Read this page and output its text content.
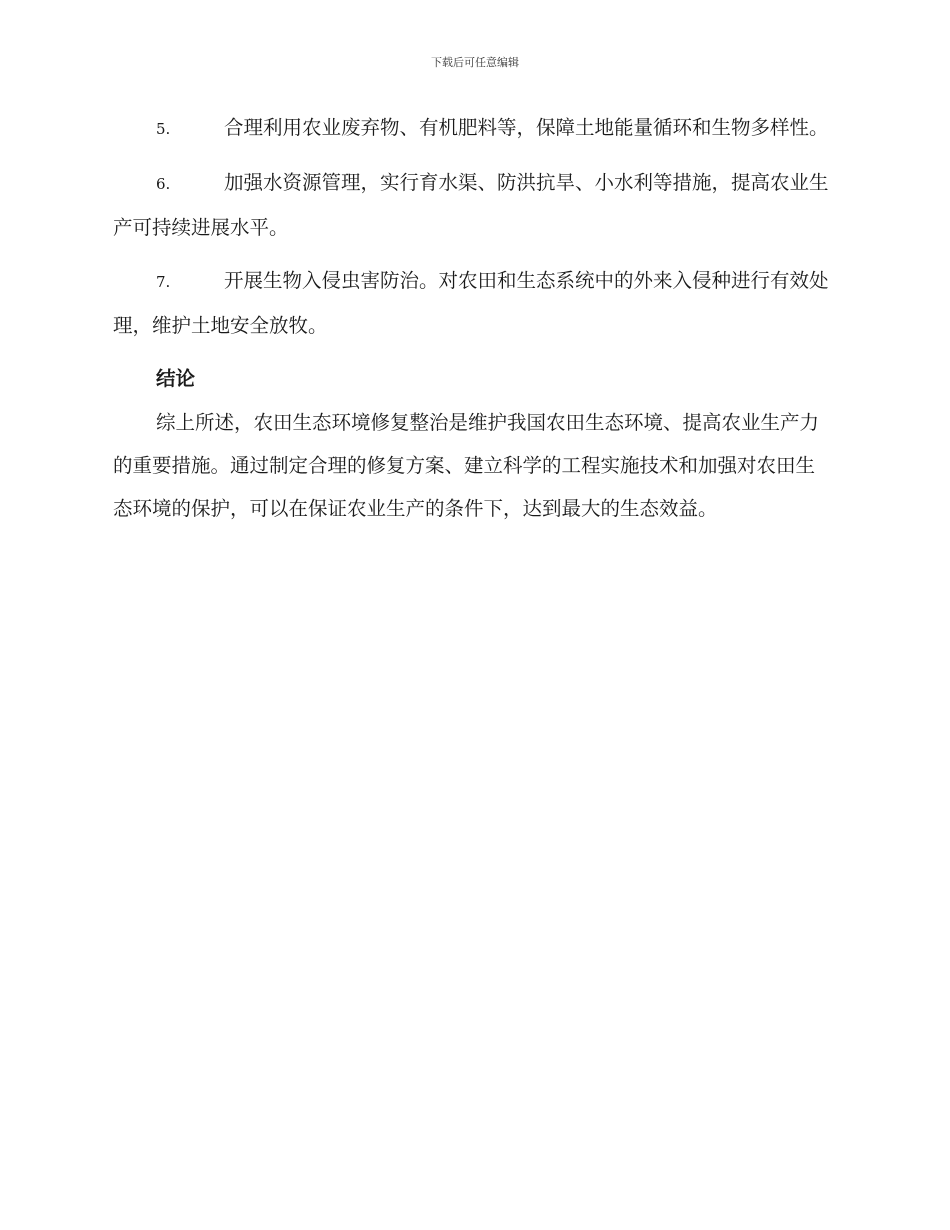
下载后可任意编辑

5.	合理利用农业废弃物、有机肥料等，保障土地能量循环和生物多样性。

6.	加强水资源管理，实行育水渠、防洪抗旱、小水利等措施，提高农业生产可持续进展水平。

7.	开展生物入侵虫害防治。对农田和生态系统中的外来入侵种进行有效处理，维护土地安全放牧。

结论

综上所述，农田生态环境修复整治是维护我国农田生态环境、提高农业生产力的重要措施。通过制定合理的修复方案、建立科学的工程实施技术和加强对农田生态环境的保护，可以在保证农业生产的条件下，达到最大的生态效益。
